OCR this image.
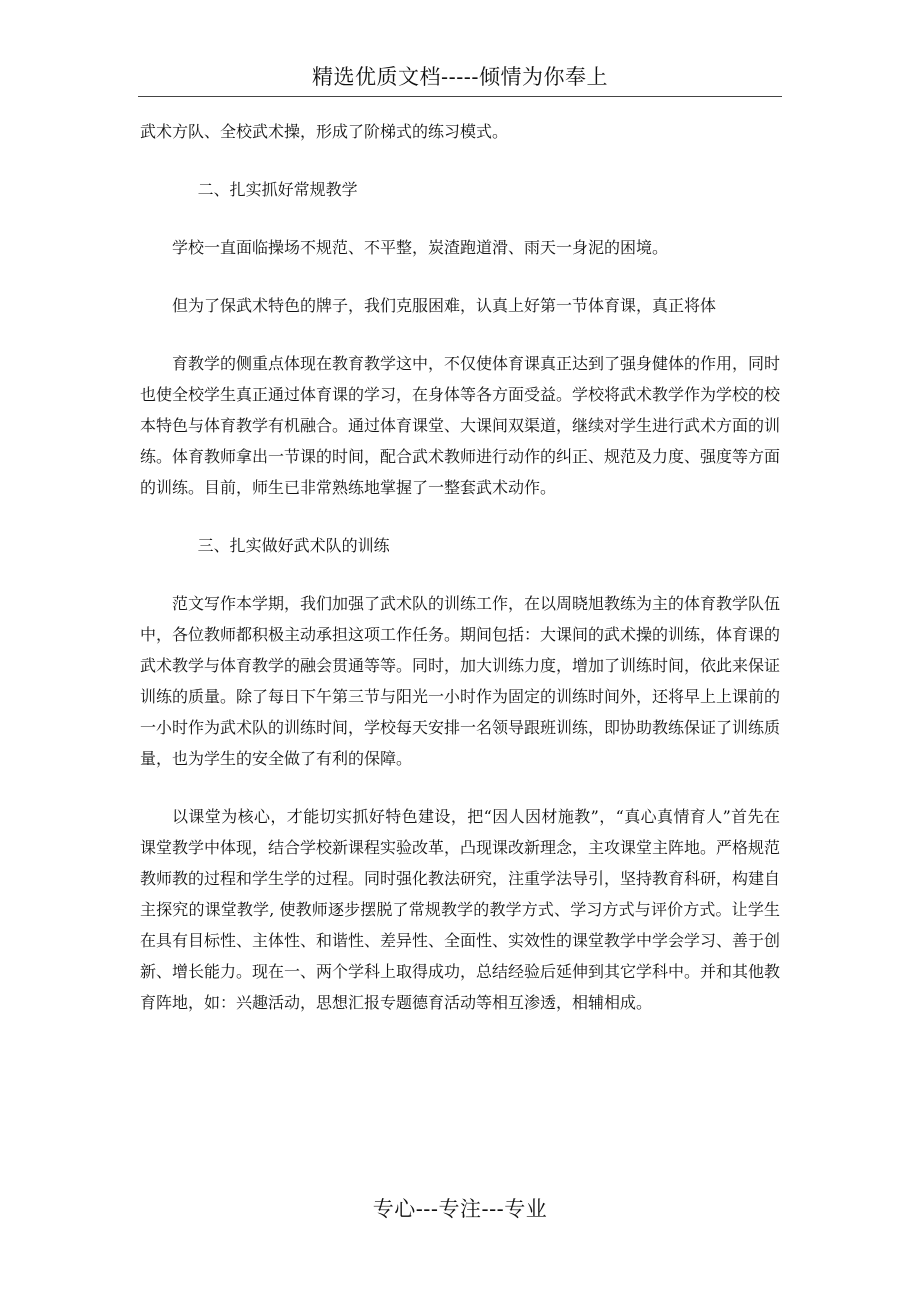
精选优质文档-----倾情为你奉上

武术方队、全校武术操，形成了阶梯式的练习模式。

二、扎实抓好常规教学

学校一直面临操场不规范、不平整，炭渣跑道滑、雨天一身泥的困境。

但为了保武术特色的牌子，我们克服困难，认真上好第一节体育课，真正将体

育教学的侧重点体现在教育教学这中，不仅使体育课真正达到了强身健体的作用，同时也使全校学生真正通过体育课的学习，在身体等各方面受益。学校将武术教学作为学校的校本特色与体育教学有机融合。通过体育课堂、大课间双渠道，继续对学生进行武术方面的训练。体育教师拿出一节课的时间，配合武术教师进行动作的纠正、规范及力度、强度等方面的训练。目前，师生已非常熟练地掌握了一整套武术动作。

三、扎实做好武术队的训练

范文写作本学期，我们加强了武术队的训练工作，在以周晓旭教练为主的体育教学队伍中，各位教师都积极主动承担这项工作任务。期间包括：大课间的武术操的训练，体育课的武术教学与体育教学的融会贯通等等。同时，加大训练力度，增加了训练时间，依此来保证训练的质量。除了每日下午第三节与阳光一小时作为固定的训练时间外，还将早上上课前的一小时作为武术队的训练时间，学校每天安排一名领导跟班训练，即协助教练保证了训练质量，也为学生的安全做了有利的保障。

以课堂为核心，才能切实抓好特色建设，把“因人因材施教”，“真心真情育人”首先在课堂教学中体现，结合学校新课程实验改革，凸现课改新理念，主攻课堂主阵地。严格规范教师教的过程和学生学的过程。同时强化教法研究，注重学法导引，坚持教育科研，构建自主探究的课堂教学, 使教师逐步摆脱了常规教学的教学方式、学习方式与评价方式。让学生在具有目标性、主体性、和谐性、差异性、全面性、实效性的课堂教学中学会学习、善于创新、增长能力。现在一、两个学科上取得成功，总结经验后延伸到其它学科中。并和其他教育阵地，如：兴趣活动，思想汇报专题德育活动等相互渗透，相辅相成。

专心---专注---专业
